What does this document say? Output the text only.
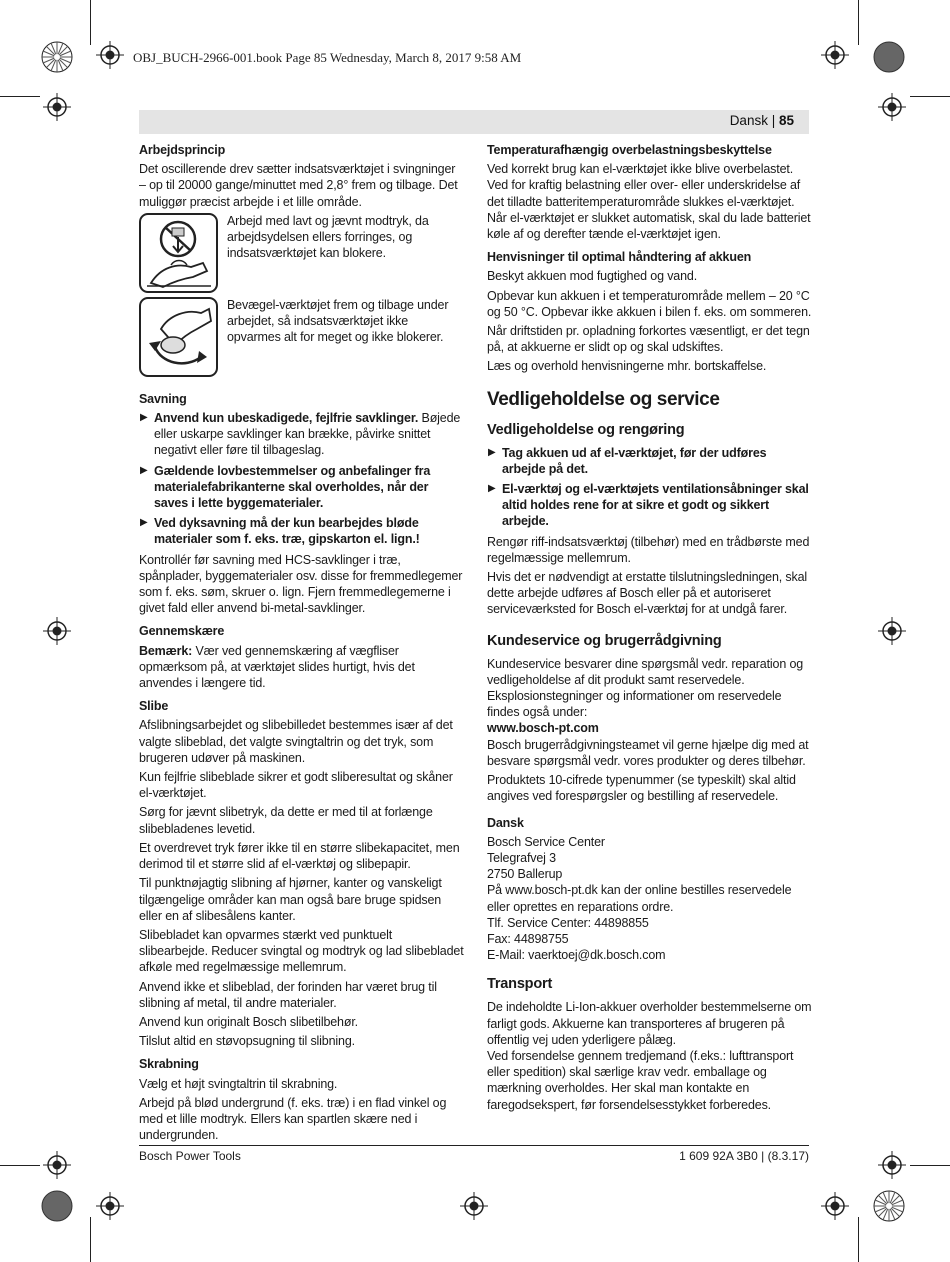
OBJ_BUCH-2966-001.book Page 85 Wednesday, March 8, 2017 9:58 AM
Dansk | 85
Arbejdsprincip

Det oscillerende drev sætter indsatsværktøjet i svingninger – op til 20000 gange/minuttet med 2,8° frem og tilbage. Det muliggør præcist arbejde i et lille område.

Arbejd med lavt og jævnt modtryk, da arbejdsydelsen ellers forringes, og indsatsværktøjet kan blokere.

Bevægel-værktøjet frem og tilbage under arbejdet, så indsatsværktøjet ikke opvarmes alt for meget og ikke blokerer.

Savning
▶ Anvend kun ubeskadigede, fejlfrie savklinger. Bøjede eller uskarpe savklinger kan brække, påvirke snittet negativt eller føre til tilbageslag.
▶ Gældende lovbestemmelser og anbefalinger fra materialefabrikanterne skal overholdes, når der saves i lette byggematerialer.
▶ Ved dyksavning må der kun bearbejdes bløde materialer som f. eks. træ, gipskarton el. lign.!

Kontrollér før savning med HCS-savklinger i træ, spånplader, byggematerialer osv. disse for fremmedlegemer som f. eks. søm, skruer o. lign. Fjern fremmedlegemerne i givet fald eller anvend bi-metal-savklinger.

Gennemskære

Bemærk: Vær ved gennemskæring af vægfliser opmærksom på, at værktøjet slides hurtigt, hvis det anvendes i længere tid.

Slibe

Afslibningsarbejdet og slibebilledet bestemmes især af det valgte slibeblad, det valgte svingtaltrin og det tryk, som brugeren udøver på maskinen.

Kun fejlfrie slibeblade sikrer et godt sliberesultat og skåner el-værktøjet.

Sørg for jævnt slibetryk, da dette er med til at forlænge slibebladenes levetid.

Et overdrevet tryk fører ikke til en større slibekapacitet, men derimod til et større slid af el-værktøj og slibepapir.

Til punktnøjagtig slibning af hjørner, kanter og vanskeligt tilgængelige områder kan man også bare bruge spidsen eller en af slibesålens kanter.

Slibebladet kan opvarmes stærkt ved punktuelt slibearbejde. Reducer svingtal og modtryk og lad slibebladet afkøle med regelmæssige mellemrum.

Anvend ikke et slibeblad, der forinden har været brug til slibning af metal, til andre materialer.

Anvend kun originalt Bosch slibetilbehør.

Tilslut altid en støvopsugning til slibning.

Skrabning

Vælg et højt svingtaltrin til skrabning.

Arbejd på blød undergrund (f. eks. træ) i en flad vinkel og med et lille modtryk. Ellers kan spartlen skære ned i undergrunden.

Temperaturafhængig overbelastningsbeskyttelse

Ved korrekt brug kan el-værktøjet ikke blive overbelastet. Ved for kraftig belastning eller over- eller underskridelse af det tilladte batteritemperaturområde slukkes el-værktøjet. Når el-værktøjet er slukket automatisk, skal du lade batteriet køle af og derefter tænde el-værktøjet igen.

Henvisninger til optimal håndtering af akkuen

Beskyt akkuen mod fugtighed og vand.

Opbevar kun akkuen i et temperaturområde mellem – 20 °C og 50 °C. Opbevar ikke akkuen i bilen f. eks. om sommeren.

Når driftstiden pr. opladning forkortes væsentligt, er det tegn på, at akkuerne er slidt op og skal udskiftes.

Læs og overhold henvisningerne mhr. bortskaffelse.

Vedligeholdelse og service
Vedligeholdelse og rengøring
▶ Tag akkuen ud af el-værktøjet, før der udføres arbejde på det.
▶ El-værktøj og el-værktøjets ventilationsåbninger skal altid holdes rene for at sikre et godt og sikkert arbejde.

Rengør riff-indsatsværktøj (tilbehør) med en trådbørste med regelmæssige mellemrum.

Hvis det er nødvendigt at erstatte tilslutningsledningen, skal dette arbejde udføres af Bosch eller på et autoriseret serviceværksted for Bosch el-værktøj for at undgå farer.

Kundeservice og brugerrådgivning

Kundeservice besvarer dine spørgsmål vedr. reparation og vedligeholdelse af dit produkt samt reservedele. Eksplosionstegninger og informationer om reservedele findes også under:

www.bosch-pt.com

Bosch brugerrådgivningsteamet vil gerne hjælpe dig med at besvare spørgsmål vedr. vores produkter og deres tilbehør.

Produktets 10-cifrede typenummer (se typeskilt) skal altid angives ved forespørgsler og bestilling af reservedele.

Dansk
Bosch Service Center
Telegrafvej 3
2750 Ballerup
På www.bosch-pt.dk kan der online bestilles reservedele eller oprettes en reparations ordre.
Tlf. Service Center: 44898855
Fax: 44898755
E-Mail: vaerktoej@dk.bosch.com
Transport

De indeholdte Li-Ion-akkuer overholder bestemmelserne om farligt gods. Akkuerne kan transporteres af brugeren på offentlig vej uden yderligere pålæg.

Ved forsendelse gennem tredjemand (f.eks.: lufttransport eller spedition) skal særlige krav vedr. emballage og mærkning overholdes. Her skal man kontakte en faregodsekspert, før forsendelsesstykket forberedes.

Bosch Power Tools	1 609 92A 3B0 | (8.3.17)
